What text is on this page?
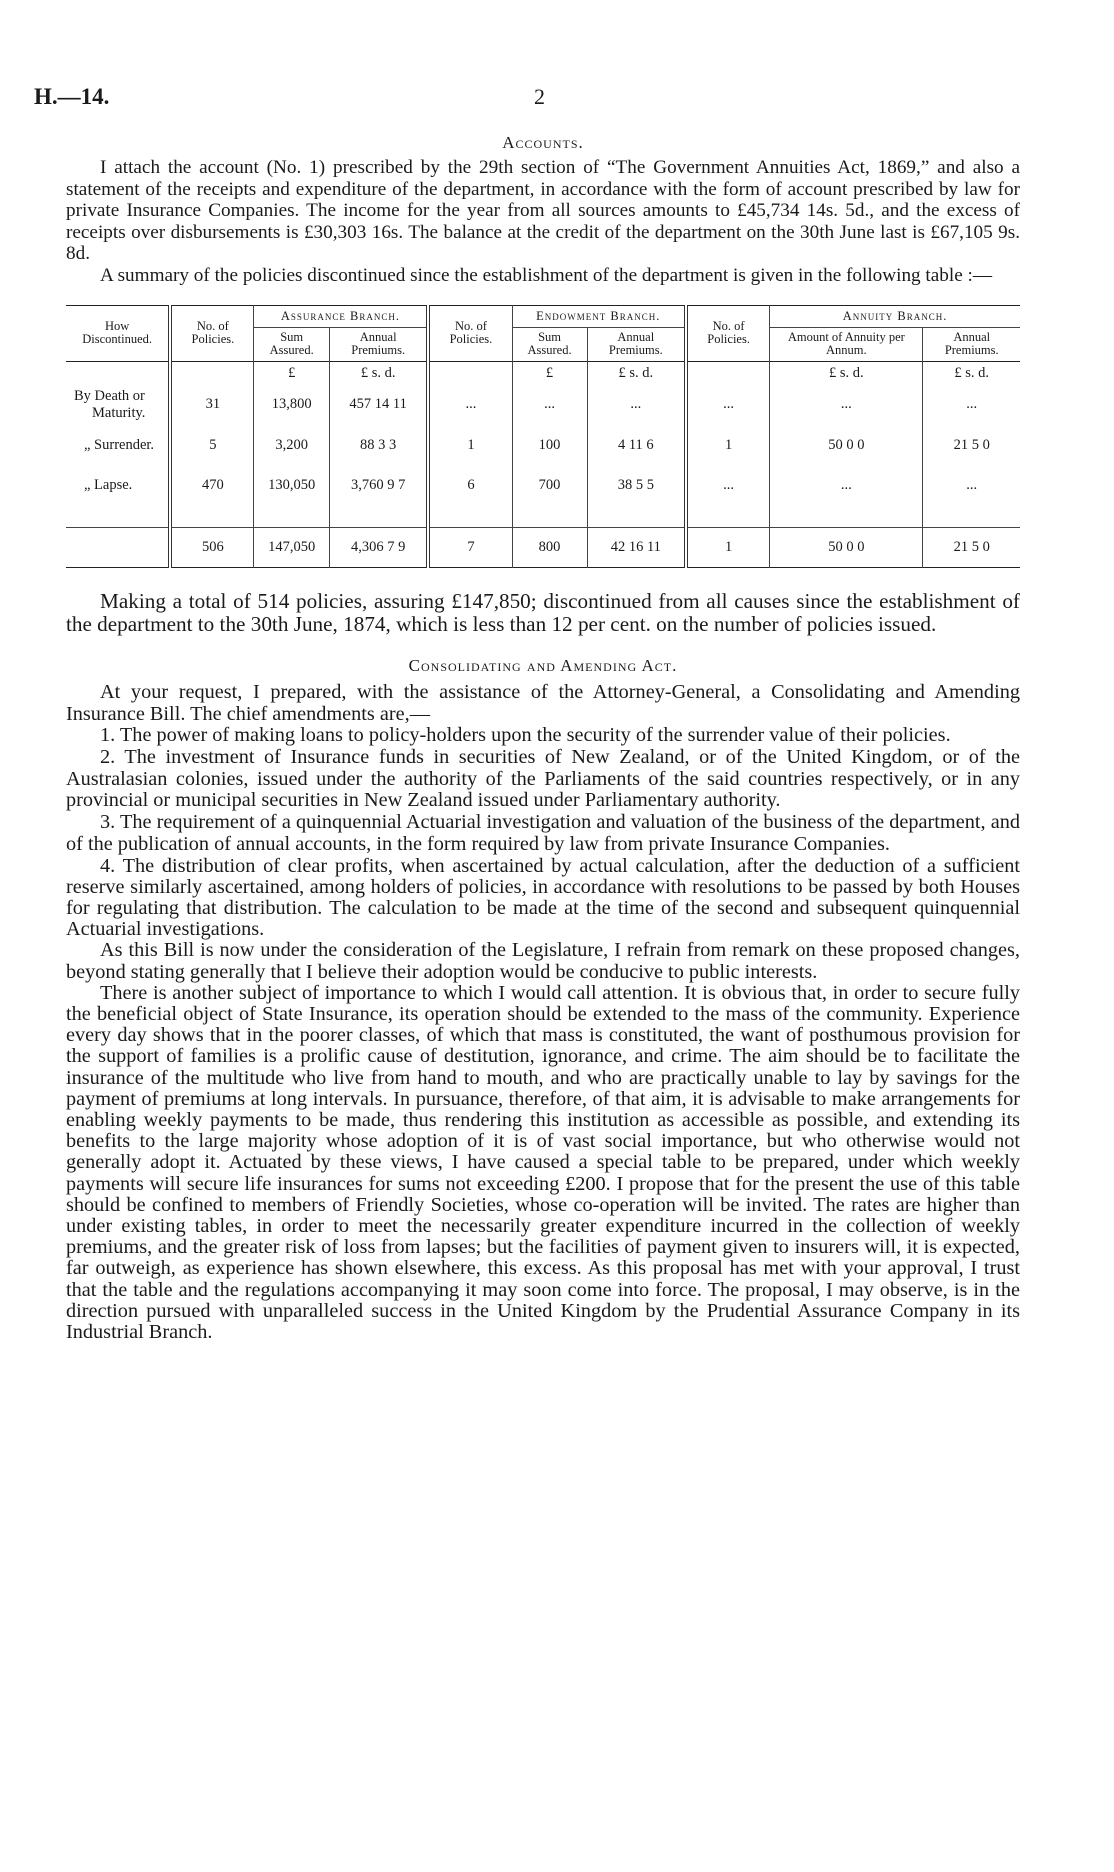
H.—14.	2
Accounts.

I attach the account (No. 1) prescribed by the 29th section of “The Government Annuities Act, 1869,” and also a statement of the receipts and expenditure of the department, in accordance with the form of account prescribed by law for private Insurance Companies. The income for the year from all sources amounts to £45,734 14s. 5d., and the excess of receipts over disbursements is £30,303 16s. The balance at the credit of the department on the 30th June last is £67,105 9s. 8d.

A summary of the policies discontinued since the establishment of the department is given in the following table :—

How Discontinued.	No. of Policies.	Assurance Branch.		No. of Policies.	Endowment Branch.		No. of Policies.	Annuity Branch.	
		Sum Assured.	Annual Premiums.		Sum Assured.	Annual Premiums.		Amount of Annuity per Annum.	Annual Premiums.
		£	£ s. d.		£	£ s. d.		£ s. d.	£ s. d.

By Death or
Maturity.	31	13,800	457 14 11	...	...	...	...	...	...
„ Surrender.	5	3,200	88 3 3	1	100	4 11 6	1	50 0 0	21 5 0
„ Lapse.	470	130,050	3,760 9 7	6	700	38 5 5	...	...	...

	506	147,050	4,306 7 9	7	800	42 16 11	1	50 0 0	21 5 0

Making a total of 514 policies, assuring £147,850; discontinued from all causes since the establishment of the department to the 30th June, 1874, which is less than 12 per cent. on the number of policies issued.

Consolidating and Amending Act.

At your request, I prepared, with the assistance of the Attorney-General, a Consolidating and Amending Insurance Bill. The chief amendments are,—

1. The power of making loans to policy-holders upon the security of the surrender value of their policies.

2. The investment of Insurance funds in securities of New Zealand, or of the United Kingdom, or of the Australasian colonies, issued under the authority of the Parliaments of the said countries respectively, or in any provincial or municipal securities in New Zealand issued under Parliamentary authority.

3. The requirement of a quinquennial Actuarial investigation and valuation of the business of the department, and of the publication of annual accounts, in the form required by law from private Insurance Companies.

4. The distribution of clear profits, when ascertained by actual calculation, after the deduction of a sufficient reserve similarly ascertained, among holders of policies, in accordance with resolutions to be passed by both Houses for regulating that distribution. The calculation to be made at the time of the second and subsequent quinquennial Actuarial investigations.

As this Bill is now under the consideration of the Legislature, I refrain from remark on these proposed changes, beyond stating generally that I believe their adoption would be conducive to public interests.

There is another subject of importance to which I would call attention. It is obvious that, in order to secure fully the beneficial object of State Insurance, its operation should be extended to the mass of the community. Experience every day shows that in the poorer classes, of which that mass is constituted, the want of posthumous provision for the support of families is a prolific cause of destitution, ignorance, and crime. The aim should be to facilitate the insurance of the multitude who live from hand to mouth, and who are practically unable to lay by savings for the payment of premiums at long intervals. In pursuance, therefore, of that aim, it is advisable to make arrangements for enabling weekly payments to be made, thus rendering this institution as accessible as possible, and extending its benefits to the large majority whose adoption of it is of vast social importance, but who otherwise would not generally adopt it. Actuated by these views, I have caused a special table to be prepared, under which weekly payments will secure life insurances for sums not exceeding £200. I propose that for the present the use of this table should be confined to members of Friendly Societies, whose co-operation will be invited. The rates are higher than under existing tables, in order to meet the necessarily greater expenditure incurred in the collection of weekly premiums, and the greater risk of loss from lapses; but the facilities of payment given to insurers will, it is expected, far outweigh, as experience has shown elsewhere, this excess. As this proposal has met with your approval, I trust that the table and the regulations accompanying it may soon come into force. The proposal, I may observe, is in the direction pursued with unparalleled success in the United Kingdom by the Prudential Assurance Company in its Industrial Branch.
